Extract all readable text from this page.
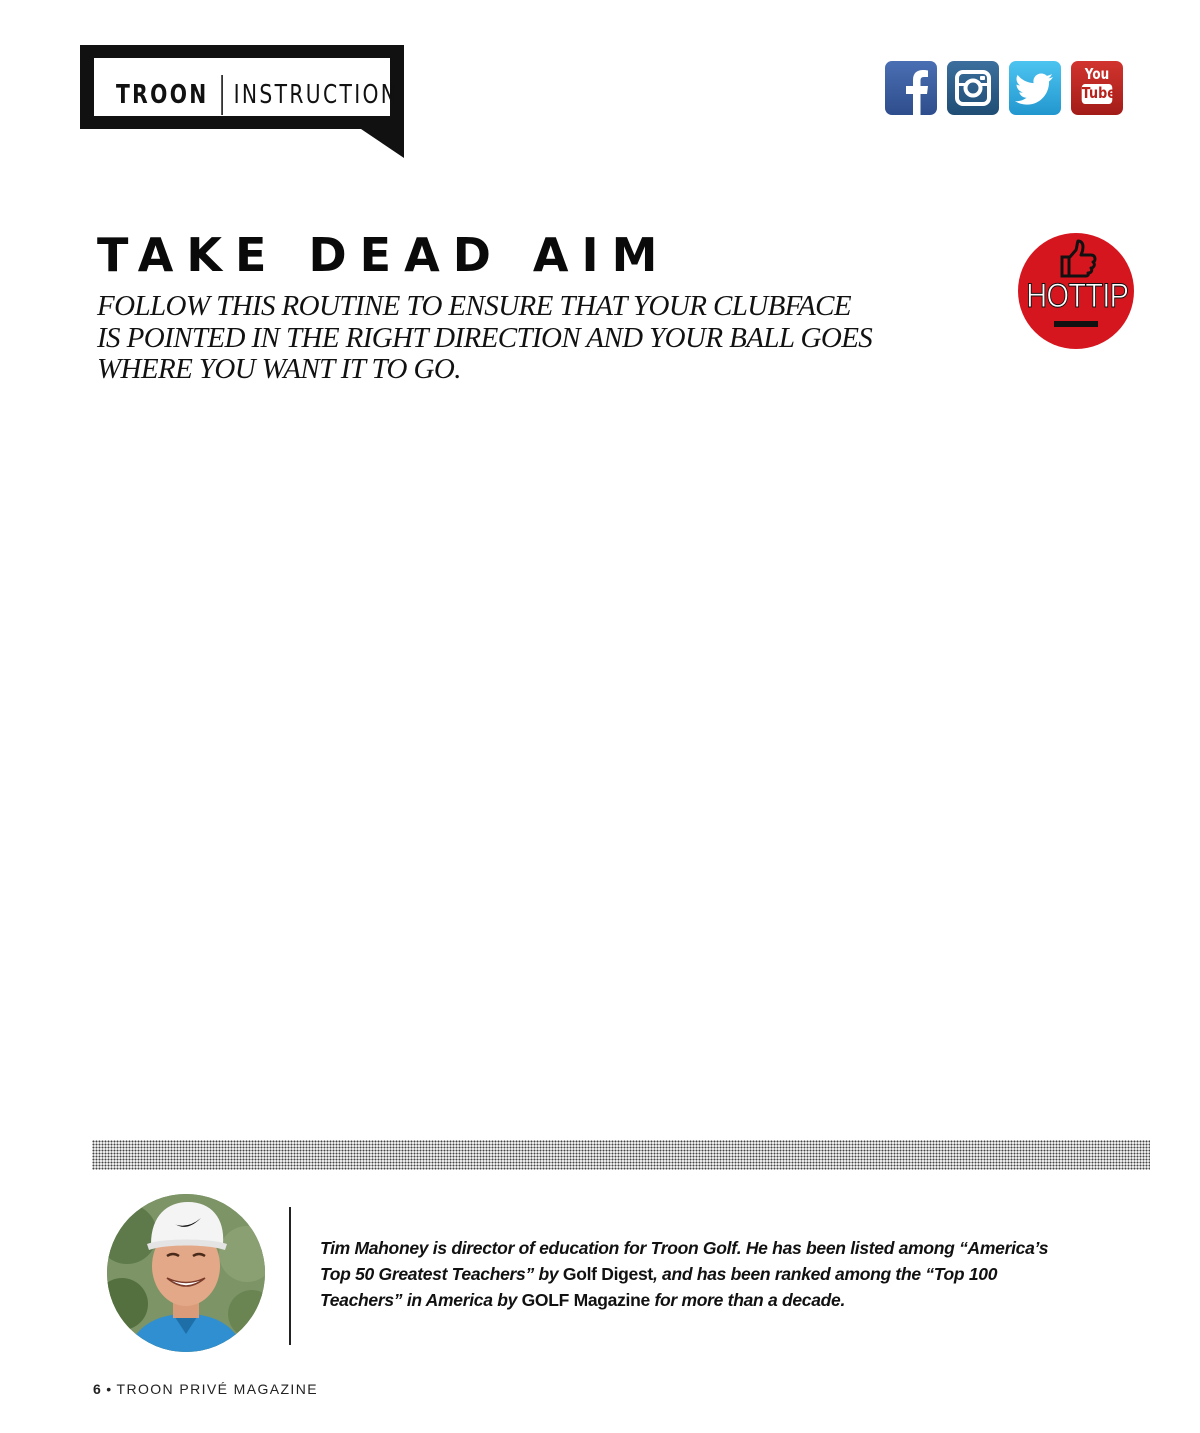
TROON INSTRUCTION
You
Tube
TAKE DEAD AIM

FOLLOW THIS ROUTINE TO ENSURE THAT YOUR CLUBFACE IS POINTED IN THE RIGHT DIRECTION AND YOUR BALL GOES WHERE YOU WANT IT TO GO.

HOTTIP

Tim Mahoney is director of education for Troon Golf. He has been listed among “America’s Top 50 Greatest Teachers” by Golf Digest, and has been ranked among the “Top 100 Teachers” in America by GOLF Magazine for more than a decade.

6 • TROON PRIVÉ MAGAZINE
